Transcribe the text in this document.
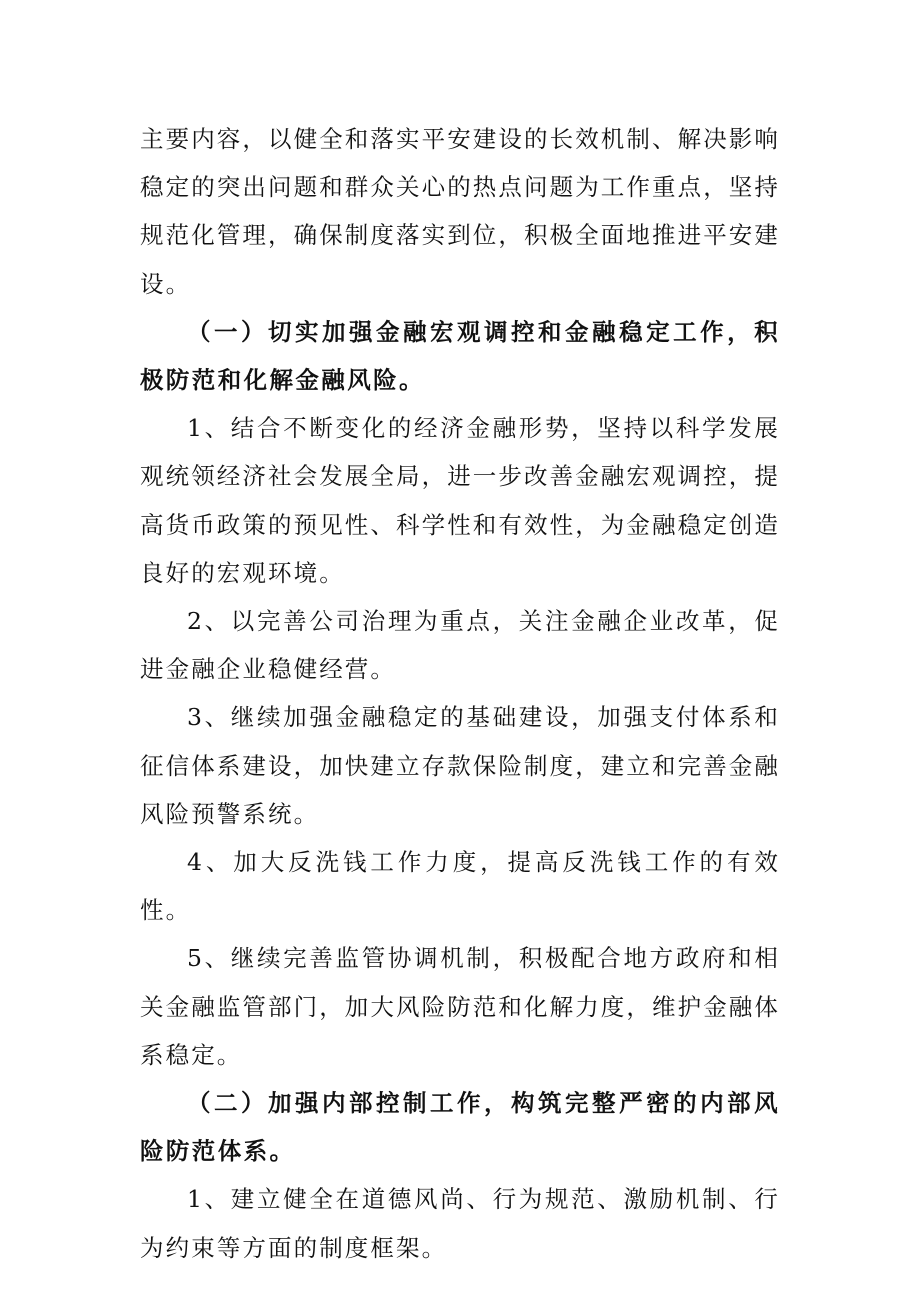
主要内容，以健全和落实平安建设的长效机制、解决影响稳定的突出问题和群众关心的热点问题为工作重点，坚持规范化管理，确保制度落实到位，积极全面地推进平安建设。

（一）切实加强金融宏观调控和金融稳定工作，积极防范和化解金融风险。

1、结合不断变化的经济金融形势，坚持以科学发展观统领经济社会发展全局，进一步改善金融宏观调控，提高货币政策的预见性、科学性和有效性，为金融稳定创造良好的宏观环境。

2、以完善公司治理为重点，关注金融企业改革，促进金融企业稳健经营。

3、继续加强金融稳定的基础建设，加强支付体系和征信体系建设，加快建立存款保险制度，建立和完善金融风险预警系统。

4、加大反洗钱工作力度，提高反洗钱工作的有效性。

5、继续完善监管协调机制，积极配合地方政府和相关金融监管部门，加大风险防范和化解力度，维护金融体系稳定。

（二）加强内部控制工作，构筑完整严密的内部风险防范体系。

1、建立健全在道德风尚、行为规范、激励机制、行为约束等方面的制度框架。
